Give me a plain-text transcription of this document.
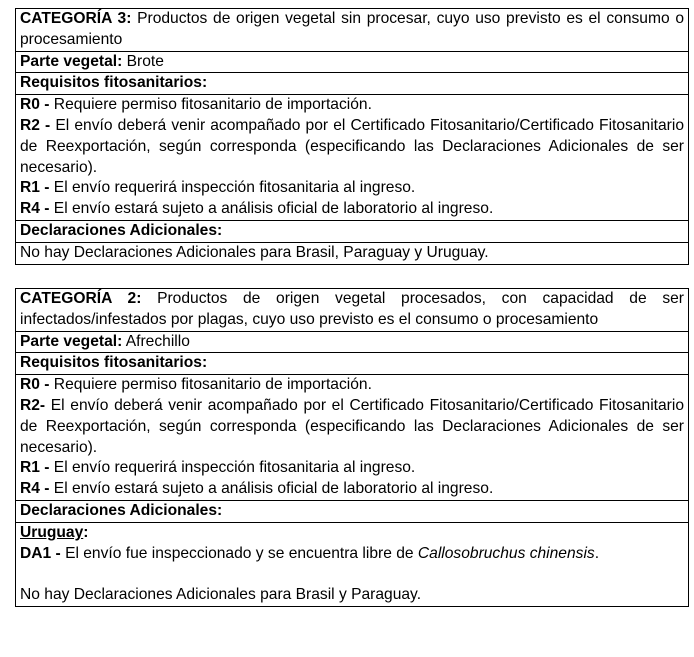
CATEGORÍA 3: Productos de origen vegetal sin procesar, cuyo uso previsto es el consumo o procesamiento
Parte vegetal: Brote
Requisitos fitosanitarios:

R0 - Requiere permiso fitosanitario de importación.
R2 - El envío deberá venir acompañado por el Certificado Fitosanitario/Certificado Fitosanitario de Reexportación, según corresponda (especificando las Declaraciones Adicionales de ser necesario).
R1 - El envío requerirá inspección fitosanitaria al ingreso.
R4 - El envío estará sujeto a análisis oficial de laboratorio al ingreso.

Declaraciones Adicionales:
No hay Declaraciones Adicionales para Brasil, Paraguay y Uruguay.
CATEGORÍA 2: Productos de origen vegetal procesados, con capacidad de ser infectados/infestados por plagas, cuyo uso previsto es el consumo o procesamiento
Parte vegetal: Afrechillo
Requisitos fitosanitarios:

R0 - Requiere permiso fitosanitario de importación.
R2- El envío deberá venir acompañado por el Certificado Fitosanitario/Certificado Fitosanitario de Reexportación, según corresponda (especificando las Declaraciones Adicionales de ser necesario).
R1 - El envío requerirá inspección fitosanitaria al ingreso.
R4 - El envío estará sujeto a análisis oficial de laboratorio al ingreso.

Declaraciones Adicionales:

Uruguay:
DA1 - El envío fue inspeccionado y se encuentra libre de Callosobruchus chinensis.
No hay Declaraciones Adicionales para Brasil y Paraguay.
